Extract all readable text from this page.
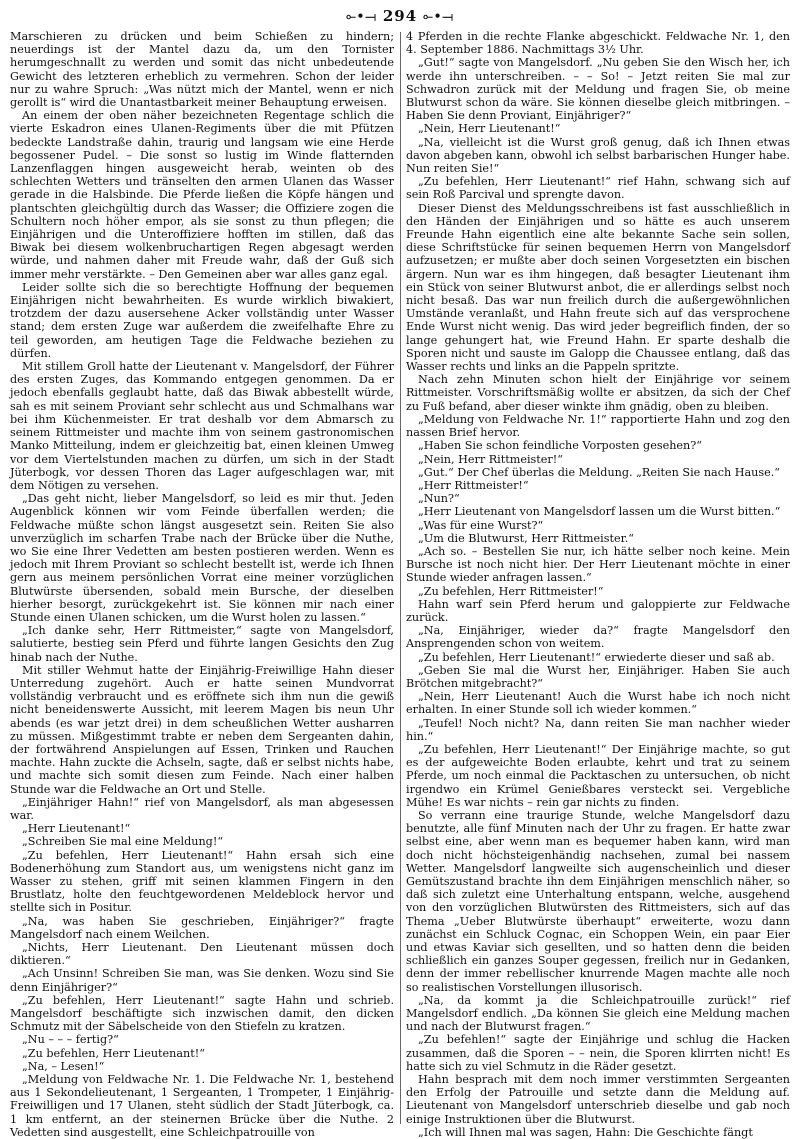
⟜•⟞ 294 ⟜•⟞

Marschieren zu drücken und beim Schießen zu hindern; neuerdings ist der Mantel dazu da, um den Tornister herumgeschnallt zu werden und somit das nicht unbedeutende Gewicht des letzteren erheblich zu vermehren. Schon der leider nur zu wahre Spruch: „Was nützt mich der Mantel, wenn er nich gerollt is“ wird die Unantastbarkeit meiner Behauptung erweisen.

An einem der oben näher bezeichneten Regentage schlich die vierte Eskadron eines Ulanen-Regiments über die mit Pfützen bedeckte Landstraße dahin, traurig und langsam wie eine Herde begossener Pudel. – Die sonst so lustig im Winde flatternden Lanzenflaggen hingen ausgeweicht herab, weinten ob des schlechten Wetters und tränselten den armen Ulanen das Wasser gerade in die Halsbinde. Die Pferde ließen die Köpfe hängen und plantschten gleichgültig durch das Wasser; die Offiziere zogen die Schultern noch höher empor, als sie sonst zu thun pflegen; die Einjährigen und die Unteroffiziere hofften im stillen, daß das Biwak bei diesem wolkenbruchartigen Regen abgesagt werden würde, und nahmen daher mit Freude wahr, daß der Guß sich immer mehr verstärkte. – Den Gemeinen aber war alles ganz egal.

Leider sollte sich die so berechtigte Hoffnung der bequemen Einjährigen nicht bewahrheiten. Es wurde wirklich biwakiert, trotzdem der dazu ausersehene Acker vollständig unter Wasser stand; dem ersten Zuge war außerdem die zweifelhafte Ehre zu teil geworden, am heutigen Tage die Feldwache beziehen zu dürfen.

Mit stillem Groll hatte der Lieutenant v. Mangelsdorf, der Führer des ersten Zuges, das Kommando entgegen genommen. Da er jedoch ebenfalls geglaubt hatte, daß das Biwak abbestellt würde, sah es mit seinem Proviant sehr schlecht aus und Schmalhans war bei ihm Küchenmeister. Er trat deshalb vor dem Abmarsch zu seinem Rittmeister und machte ihm von seinem gastronomischen Manko Mitteilung, indem er gleichzeitig bat, einen kleinen Umweg vor dem Viertelstunden machen zu dürfen, um sich in der Stadt Jüterbogk, vor dessen Thoren das Lager aufgeschlagen war, mit dem Nötigen zu versehen.

„Das geht nicht, lieber Mangelsdorf, so leid es mir thut. Jeden Augenblick können wir vom Feinde überfallen werden; die Feldwache müßte schon längst ausgesetzt sein. Reiten Sie also unverzüglich im scharfen Trabe nach der Brücke über die Nuthe, wo Sie eine Ihrer Vedetten am besten postieren werden. Wenn es jedoch mit Ihrem Proviant so schlecht bestellt ist, werde ich Ihnen gern aus meinem persönlichen Vorrat eine meiner vorzüglichen Blutwürste übersenden, sobald mein Bursche, der dieselben hierher besorgt, zurückgekehrt ist. Sie können mir nach einer Stunde einen Ulanen schicken, um die Wurst holen zu lassen.“

„Ich danke sehr, Herr Rittmeister,“ sagte von Mangelsdorf, salutierte, bestieg sein Pferd und führte langen Gesichts den Zug hinab nach der Nuthe.

Mit stiller Wehmut hatte der Einjährig-Freiwillige Hahn dieser Unterredung zugehört. Auch er hatte seinen Mundvorrat vollständig verbraucht und es eröffnete sich ihm nun die gewiß nicht beneidenswerte Aussicht, mit leerem Magen bis neun Uhr abends (es war jetzt drei) in dem scheußlichen Wetter ausharren zu müssen. Mißgestimmt trabte er neben dem Sergeanten dahin, der fortwährend Anspielungen auf Essen, Trinken und Rauchen machte. Hahn zuckte die Achseln, sagte, daß er selbst nichts habe, und machte sich somit diesen zum Feinde. Nach einer halben Stunde war die Feldwache an Ort und Stelle.

„Einjähriger Hahn!“ rief von Mangelsdorf, als man abgesessen war.

„Herr Lieutenant!“

„Schreiben Sie mal eine Meldung!“

„Zu befehlen, Herr Lieutenant!“ Hahn ersah sich eine Bodenerhöhung zum Standort aus, um wenigstens nicht ganz im Wasser zu stehen, griff mit seinen klammen Fingern in den Brustlatz, holte den feuchtgewordenen Meldeblock hervor und stellte sich in Positur.

„Na, was haben Sie geschrieben, Einjähriger?“ fragte Mangelsdorf nach einem Weilchen.

„Nichts, Herr Lieutenant. Den Lieutenant müssen doch diktieren.“

„Ach Unsinn! Schreiben Sie man, was Sie denken. Wozu sind Sie denn Einjähriger?“

„Zu befehlen, Herr Lieutenant!“ sagte Hahn und schrieb. Mangelsdorf beschäftigte sich inzwischen damit, den dicken Schmutz mit der Säbelscheide von den Stiefeln zu kratzen.

„Nu – – – fertig?“

„Zu befehlen, Herr Lieutenant!“

„Na, – Lesen!“

„Meldung von Feldwache Nr. 1. Die Feldwache Nr. 1, bestehend aus 1 Sekondelieutenant, 1 Sergeanten, 1 Trompeter, 1 Einjährig-Freiwilligen und 17 Ulanen, steht südlich der Stadt Jüterbogk, ca. 1 km entfernt, an der steinernen Brücke über die Nuthe. 2 Vedetten sind ausgestellt, eine Schleichpatrouille von

4 Pferden in die rechte Flanke abgeschickt. Feldwache Nr. 1, den 4. September 1886. Nachmittags 3½ Uhr.

„Gut!“ sagte von Mangelsdorf. „Nu geben Sie den Wisch her, ich werde ihn unterschreiben. – – So! – Jetzt reiten Sie mal zur Schwadron zurück mit der Meldung und fragen Sie, ob meine Blutwurst schon da wäre. Sie können dieselbe gleich mitbringen. – Haben Sie denn Proviant, Einjähriger?“

„Nein, Herr Lieutenant!“

„Na, vielleicht ist die Wurst groß genug, daß ich Ihnen etwas davon abgeben kann, obwohl ich selbst barbarischen Hunger habe. Nun reiten Sie!“

„Zu befehlen, Herr Lieutenant!“ rief Hahn, schwang sich auf sein Roß Parcival und sprengte davon.

Dieser Dienst des Meldungsschreibens ist fast ausschließlich in den Händen der Einjährigen und so hätte es auch unserem Freunde Hahn eigentlich eine alte bekannte Sache sein sollen, diese Schriftstücke für seinen bequemen Herrn von Mangelsdorf aufzusetzen; er mußte aber doch seinen Vorgesetzten ein bischen ärgern. Nun war es ihm hingegen, daß besagter Lieutenant ihm ein Stück von seiner Blutwurst anbot, die er allerdings selbst noch nicht besaß. Das war nun freilich durch die außergewöhnlichen Umstände veranlaßt, und Hahn freute sich auf das versprochene Ende Wurst nicht wenig. Das wird jeder begreiflich finden, der so lange gehungert hat, wie Freund Hahn. Er sparte deshalb die Sporen nicht und sauste im Galopp die Chaussee entlang, daß das Wasser rechts und links an die Pappeln spritzte.

Nach zehn Minuten schon hielt der Einjährige vor seinem Rittmeister. Vorschriftsmäßig wollte er absitzen, da sich der Chef zu Fuß befand, aber dieser winkte ihm gnädig, oben zu bleiben.

„Meldung von Feldwache Nr. 1!“ rapportierte Hahn und zog den nassen Brief hervor.

„Haben Sie schon feindliche Vorposten gesehen?“

„Nein, Herr Rittmeister!“

„Gut.“ Der Chef überlas die Meldung. „Reiten Sie nach Hause.“

„Herr Rittmeister!“

„Nun?“

„Herr Lieutenant von Mangelsdorf lassen um die Wurst bitten.“

„Was für eine Wurst?“

„Um die Blutwurst, Herr Rittmeister.“

„Ach so. – Bestellen Sie nur, ich hätte selber noch keine. Mein Bursche ist noch nicht hier. Der Herr Lieutenant möchte in einer Stunde wieder anfragen lassen.“

„Zu befehlen, Herr Rittmeister!“

Hahn warf sein Pferd herum und galoppierte zur Feldwache zurück.

„Na, Einjähriger, wieder da?“ fragte Mangelsdorf den Ansprengenden schon von weitem.

„Zu befehlen, Herr Lieutenant!“ erwiederte dieser und saß ab.

„Geben Sie mal die Wurst her, Einjähriger. Haben Sie auch Brötchen mitgebracht?“

„Nein, Herr Lieutenant! Auch die Wurst habe ich noch nicht erhalten. In einer Stunde soll ich wieder kommen.“

„Teufel! Noch nicht? Na, dann reiten Sie man nachher wieder hin.“

„Zu befehlen, Herr Lieutenant!“ Der Einjährige machte, so gut es der aufgeweichte Boden erlaubte, kehrt und trat zu seinem Pferde, um noch einmal die Packtaschen zu untersuchen, ob nicht irgendwo ein Krümel Genießbares versteckt sei. Vergebliche Mühe! Es war nichts – rein gar nichts zu finden.

So verrann eine traurige Stunde, welche Mangelsdorf dazu benutzte, alle fünf Minuten nach der Uhr zu fragen. Er hatte zwar selbst eine, aber wenn man es bequemer haben kann, wird man doch nicht höchsteigenhändig nachsehen, zumal bei nassem Wetter. Mangelsdorf langweilte sich augenscheinlich und dieser Gemütszustand brachte ihn dem Einjährigen menschlich näher, so daß sich zuletzt eine Unterhaltung entspann, welche, ausgehend von den vorzüglichen Blutwürsten des Rittmeisters, sich auf das Thema „Ueber Blutwürste überhaupt“ erweiterte, wozu dann zunächst ein Schluck Cognac, ein Schoppen Wein, ein paar Eier und etwas Kaviar sich gesellten, und so hatten denn die beiden schließlich ein ganzes Souper gegessen, freilich nur in Gedanken, denn der immer rebellischer knurrende Magen machte alle noch so realistischen Vorstellungen illusorisch.

„Na, da kommt ja die Schleichpatrouille zurück!“ rief Mangelsdorf endlich. „Da können Sie gleich eine Meldung machen und nach der Blutwurst fragen.“

„Zu befehlen!“ sagte der Einjährige und schlug die Hacken zusammen, daß die Sporen – – nein, die Sporen klirrten nicht! Es hatte sich zu viel Schmutz in die Räder gesetzt.

Hahn besprach mit dem noch immer verstimmten Sergeanten den Erfolg der Patrouille und setzte dann die Meldung auf. Lieutenant von Mangelsdorf unterschrieb dieselbe und gab noch einige Instruktionen über die Blutwurst.

„Ich will Ihnen mal was sagen, Hahn: Die Geschichte fängt
